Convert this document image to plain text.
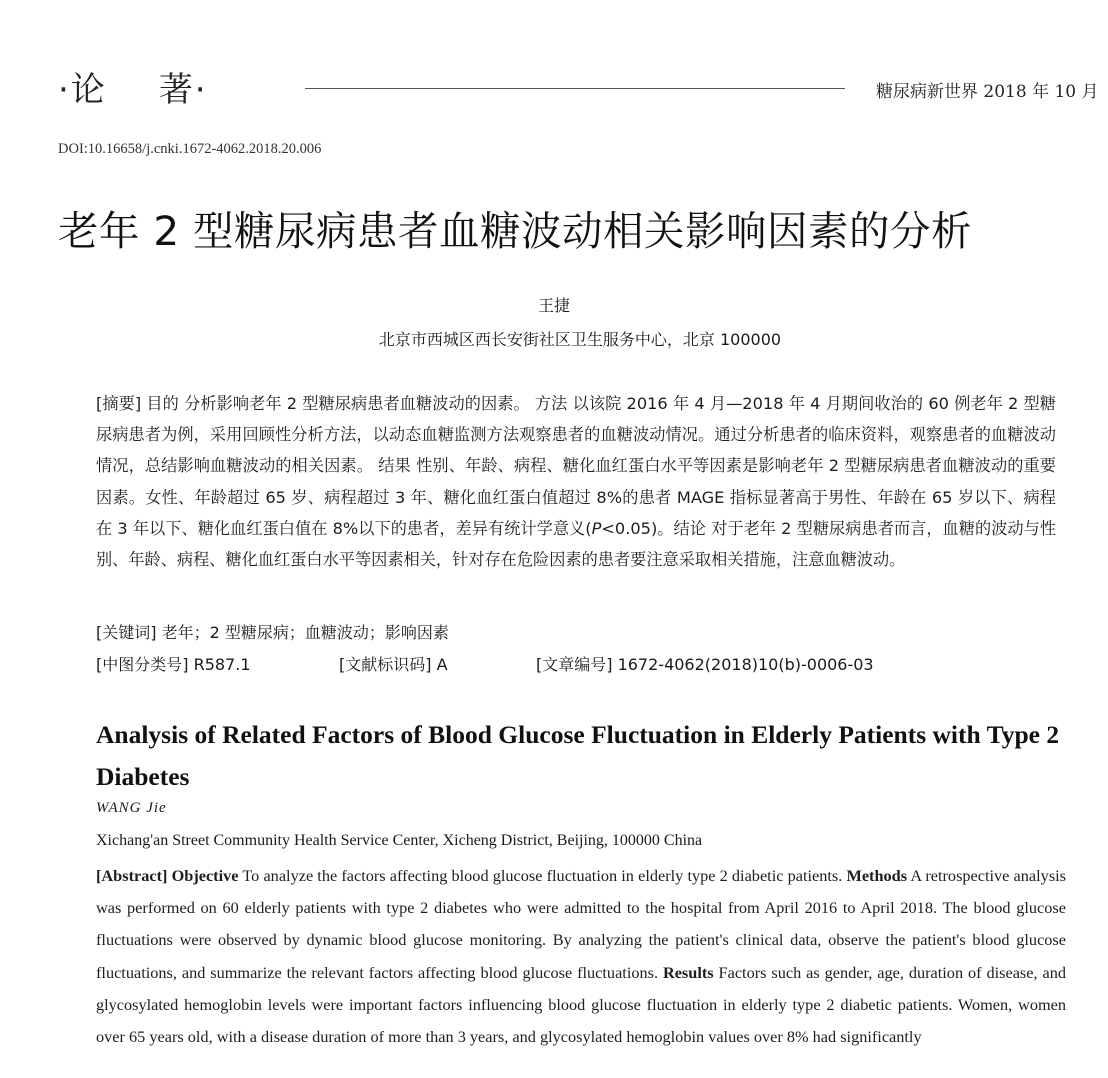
·论 著·	糖尿病新世界 2018 年 10 月
DOI:10.16658/j.cnki.1672-4062.2018.20.006
老年 2 型糖尿病患者血糖波动相关影响因素的分析
王捷
北京市西城区西长安街社区卫生服务中心，北京 100000
[摘要] 目的 分析影响老年 2 型糖尿病患者血糖波动的因素。 方法 以该院 2016 年 4 月—2018 年 4 月期间收治的 60 例老年 2 型糖尿病患者为例，采用回顾性分析方法，以动态血糖监测方法观察患者的血糖波动情况。通过分析患者的临床资料，观察患者的血糖波动情况，总结影响血糖波动的相关因素。 结果 性别、年龄、病程、糖化血红蛋白水平等因素是影响老年 2 型糖尿病患者血糖波动的重要因素。女性、年龄超过 65 岁、病程超过 3 年、糖化血红蛋白值超过 8%的患者 MAGE 指标显著高于男性、年龄在 65 岁以下、病程在 3 年以下、糖化血红蛋白值在 8%以下的患者，差异有统计学意义(P<0.05)。结论 对于老年 2 型糖尿病患者而言，血糖的波动与性别、年龄、病程、糖化血红蛋白水平等因素相关，针对存在危险因素的患者要注意采取相关措施，注意血糖波动。
[关键词] 老年；2 型糖尿病；血糖波动；影响因素
[中图分类号] R587.1	[文献标识码] A	[文章编号] 1672-4062(2018)10(b)-0006-03
Analysis of Related Factors of Blood Glucose Fluctuation in Elderly Patients with Type 2 Diabetes
WANG Jie
Xichang'an Street Community Health Service Center, Xicheng District, Beijing, 100000 China
[Abstract] Objective To analyze the factors affecting blood glucose fluctuation in elderly type 2 diabetic patients. Methods A retrospective analysis was performed on 60 elderly patients with type 2 diabetes who were admitted to the hospital from April 2016 to April 2018. The blood glucose fluctuations were observed by dynamic blood glucose monitoring. By analyzing the patient's clinical data, observe the patient's blood glucose fluctuations, and summarize the relevant factors affecting blood glucose fluctuations. Results Factors such as gender, age, duration of disease, and glycosylated hemoglobin levels were important factors influencing blood glucose fluctuation in elderly type 2 diabetic patients. Women, women over 65 years old, with a disease duration of more than 3 years, and glycosylated hemoglobin values over 8% had significantly
